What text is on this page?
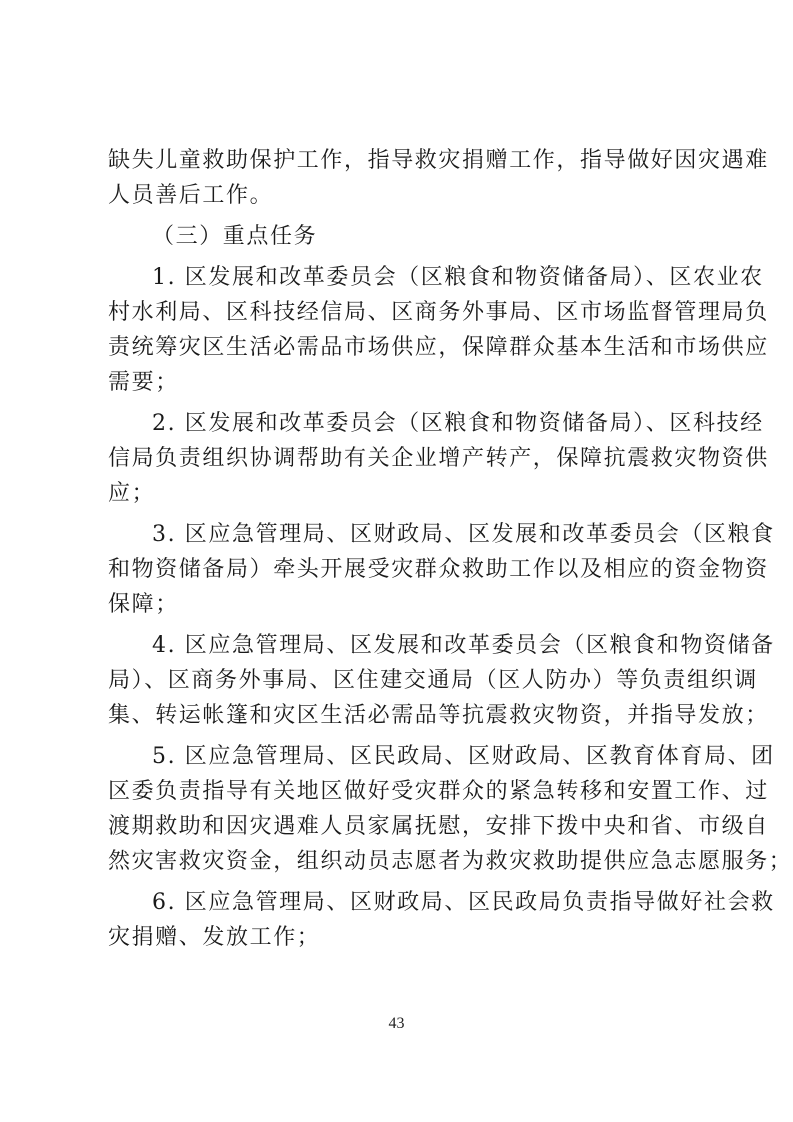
缺失儿童救助保护工作，指导救灾捐赠工作，指导做好因灾遇难
人员善后工作。
（三）重点任务
1. 区发展和改革委员会（区粮食和物资储备局）、区农业农
村水利局、区科技经信局、区商务外事局、区市场监督管理局负
责统筹灾区生活必需品市场供应，保障群众基本生活和市场供应
需要；
2. 区发展和改革委员会（区粮食和物资储备局）、区科技经
信局负责组织协调帮助有关企业增产转产，保障抗震救灾物资供
应；
3. 区应急管理局、区财政局、区发展和改革委员会（区粮食
和物资储备局）牵头开展受灾群众救助工作以及相应的资金物资
保障；
4. 区应急管理局、区发展和改革委员会（区粮食和物资储备
局）、区商务外事局、区住建交通局（区人防办）等负责组织调
集、转运帐篷和灾区生活必需品等抗震救灾物资，并指导发放；
5. 区应急管理局、区民政局、区财政局、区教育体育局、团
区委负责指导有关地区做好受灾群众的紧急转移和安置工作、过
渡期救助和因灾遇难人员家属抚慰，安排下拨中央和省、市级自
然灾害救灾资金，组织动员志愿者为救灾救助提供应急志愿服务；
6. 区应急管理局、区财政局、区民政局负责指导做好社会救
灾捐赠、发放工作；
43
